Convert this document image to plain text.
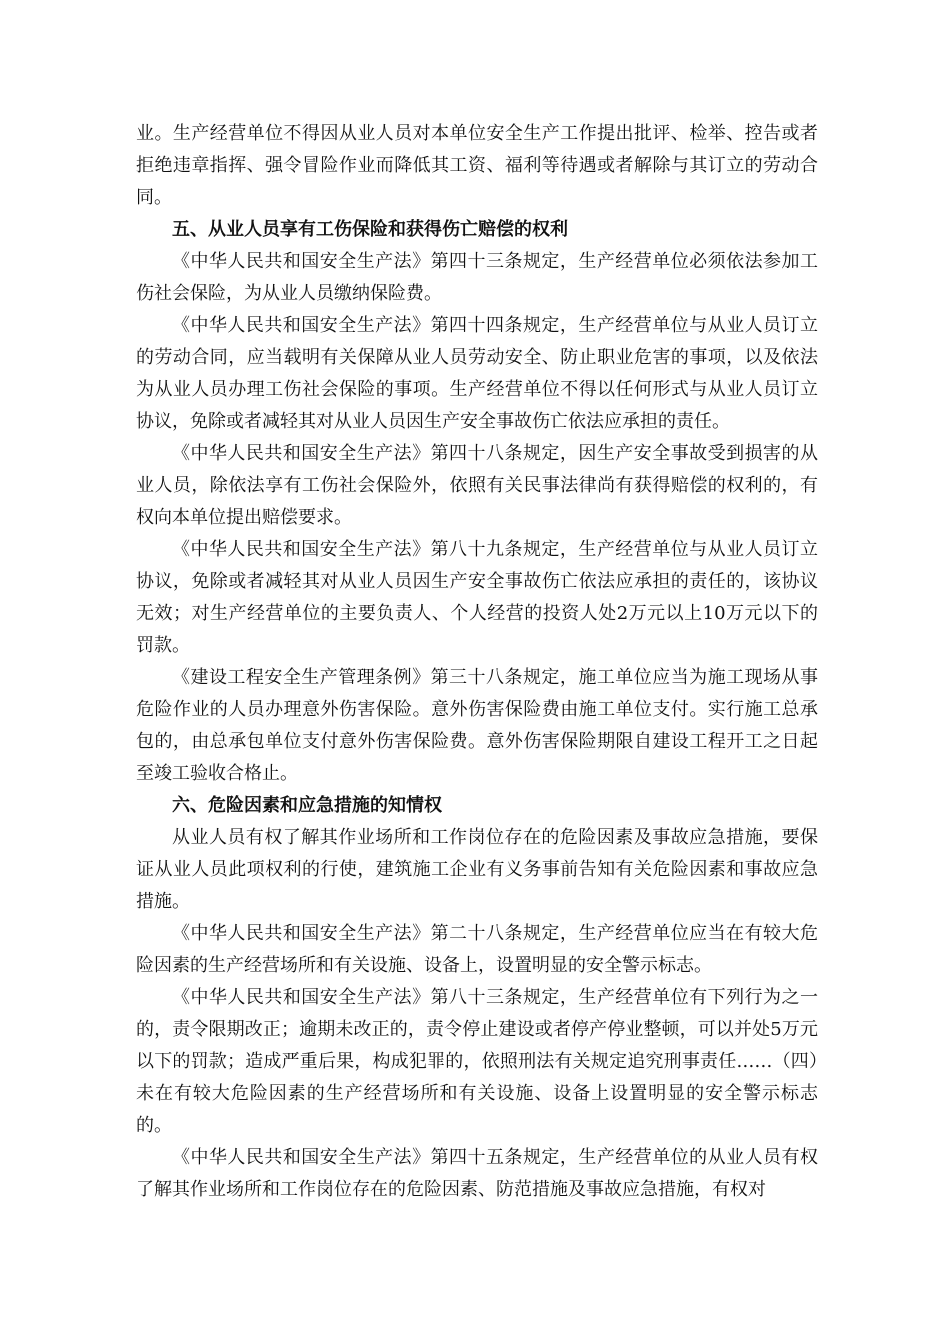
业。生产经营单位不得因从业人员对本单位安全生产工作提出批评、检举、控告或者拒绝违章指挥、强令冒险作业而降低其工资、福利等待遇或者解除与其订立的劳动合同。

五、从业人员享有工伤保险和获得伤亡赔偿的权利

《中华人民共和国安全生产法》第四十三条规定，生产经营单位必须依法参加工伤社会保险，为从业人员缴纳保险费。

《中华人民共和国安全生产法》第四十四条规定，生产经营单位与从业人员订立的劳动合同，应当载明有关保障从业人员劳动安全、防止职业危害的事项，以及依法为从业人员办理工伤社会保险的事项。生产经营单位不得以任何形式与从业人员订立协议，免除或者减轻其对从业人员因生产安全事故伤亡依法应承担的责任。

《中华人民共和国安全生产法》第四十八条规定，因生产安全事故受到损害的从业人员，除依法享有工伤社会保险外，依照有关民事法律尚有获得赔偿的权利的，有权向本单位提出赔偿要求。

《中华人民共和国安全生产法》第八十九条规定，生产经营单位与从业人员订立协议，免除或者减轻其对从业人员因生产安全事故伤亡依法应承担的责任的，该协议无效；对生产经营单位的主要负责人、个人经营的投资人处2万元以上10万元以下的罚款。

《建设工程安全生产管理条例》第三十八条规定，施工单位应当为施工现场从事危险作业的人员办理意外伤害保险。意外伤害保险费由施工单位支付。实行施工总承包的，由总承包单位支付意外伤害保险费。意外伤害保险期限自建设工程开工之日起至竣工验收合格止。

六、危险因素和应急措施的知情权

从业人员有权了解其作业场所和工作岗位存在的危险因素及事故应急措施，要保证从业人员此项权利的行使，建筑施工企业有义务事前告知有关危险因素和事故应急措施。

《中华人民共和国安全生产法》第二十八条规定，生产经营单位应当在有较大危险因素的生产经营场所和有关设施、设备上，设置明显的安全警示标志。

《中华人民共和国安全生产法》第八十三条规定，生产经营单位有下列行为之一的，责令限期改正；逾期未改正的，责令停止建设或者停产停业整顿，可以并处5万元以下的罚款；造成严重后果，构成犯罪的，依照刑法有关规定追究刑事责任……（四）未在有较大危险因素的生产经营场所和有关设施、设备上设置明显的安全警示标志的。

《中华人民共和国安全生产法》第四十五条规定，生产经营单位的从业人员有权了解其作业场所和工作岗位存在的危险因素、防范措施及事故应急措施，有权对
